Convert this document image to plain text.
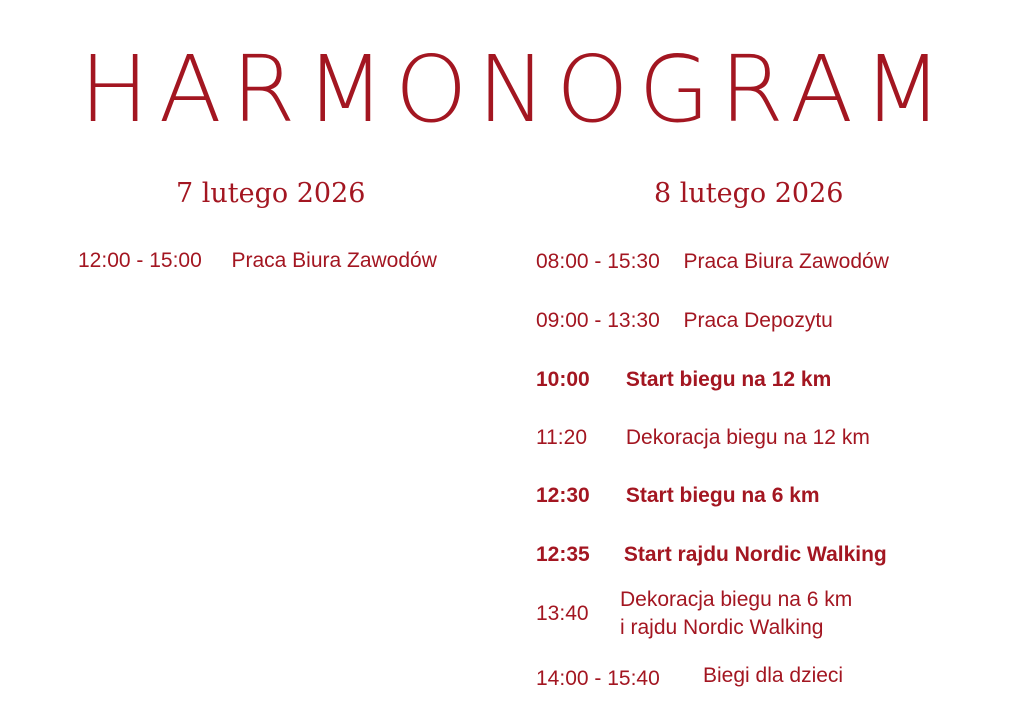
HARMONOGRAM
7 lutego 2026	8 lutego 2026
12:00 - 15:00 Praca Biura Zawodów	08:00 - 15:30 Praca Biura Zawodów
09:00 - 13:30 Praca Depozytu
10:00 Start biegu na 12 km
11:20 Dekoracja biegu na 12 km
12:30 Start biegu na 6 km
12:35 Start rajdu Nordic Walking
13:40
Dekoracja biegu na 6 km
i rajdu Nordic Walking
14:00 - 15:40 Biegi dla dzieci
